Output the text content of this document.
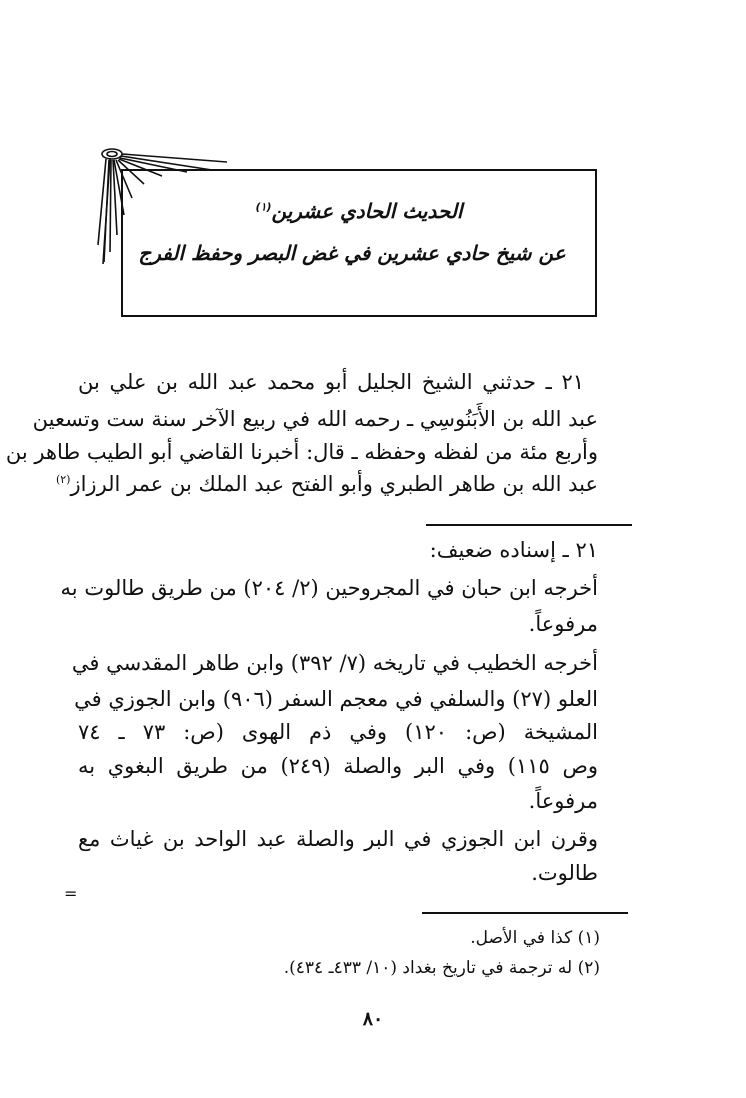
الحديث الحادي عشرين$^{(١)}$
عن شيخ حادي عشرين في غض البصر وحفظ الفرج
٢١ ـ حدثني الشيخ الجليل أبو محمد عبد الله بن علي بن
عبد الله بن الأَبَنُوسِي ـ رحمه الله في ربيع الآخر سنة ست وتسعين
وأربع مئة من لفظه وحفظه ـ قال: أخبرنا القاضي أبو الطيب طاهر بن
عبد الله بن طاهر الطبري وأبو الفتح عبد الملك بن عمر الرزاز$^{(٢)}$
٢١ ـ إسناده ضعيف:
أخرجه ابن حبان في المجروحين (٢/ ٢٠٤) من طريق طالوت به
مرفوعاً.
أخرجه الخطيب في تاريخه (٧/ ٣٩٢) وابن طاهر المقدسي في
العلو (٢٧) والسلفي في معجم السفر (٩٠٦) وابن الجوزي في
المشيخة (ص: ١٢٠) وفي ذم الهوى (ص: ٧٣ ـ ٧٤
وص ١١٥) وفي البر والصلة (٢٤٩) من طريق البغوي به
مرفوعاً.
وقرن ابن الجوزي في البر والصلة عبد الواحد بن غياث مع
طالوت.
=
(١) كذا في الأصل.
(٢) له ترجمة في تاريخ بغداد (١٠/ ٤٣٣ـ ٤٣٤).
٨٠
